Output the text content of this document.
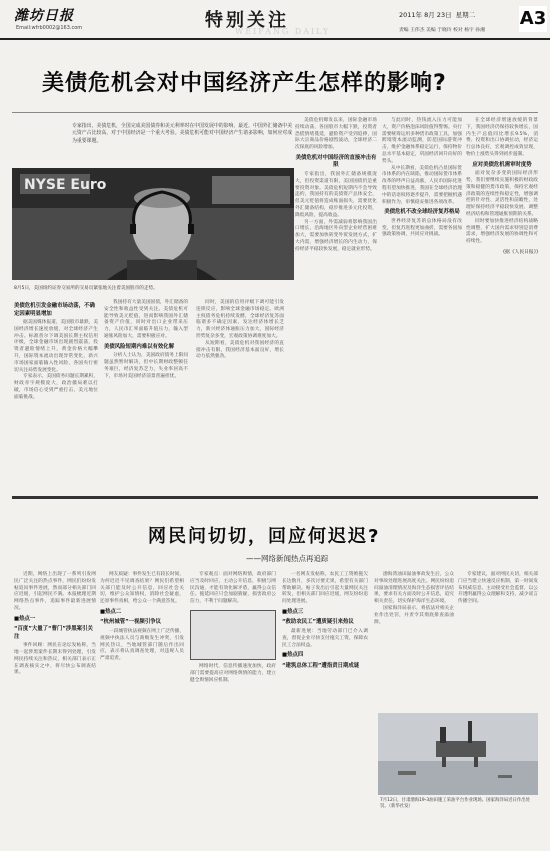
潍坊日报
Email:wfrb0002@163.com	特别关注
WEIFANG DAILY
2011年 8月 23日 星期二
责编 王伟杰 美编 于晓玲 校对 杨宇 孙湘
A3
美债危机会对中国经济产生怎样的影响?
专家指出，美债危机，全国完成美国债券和美元利率时在中国发展中的影响，最近，中国外汇储备中美元资产占比较高，对于中国经济是一个重大考验。美债危机可能对中国经济产生诸多影响，如何应对成为重要课题。
NYSE Euro
8月5日，美国纽约证券交易所的交易员紧张地关注着美国股市的走势。
美债危机引发金融市场动荡，不确定因素明显增加

据美国媒体报道，美国股市暴跌，美国经济增长速度放缓，对全球经济产生冲击。标准普尔下调美国长期主权信用评级，全球金融市场出现剧烈震荡，投资者避险情绪上升，黄金价格大幅攀升，国际资本流动出现异常变化，新兴市场国家面临输入性风险，各国央行密切关注局势发展变化。

专家表示，美国债务问题长期累积，财政赤字规模庞大，政治僵局难以打破，市场信心受到严重打击，美元地位面临挑战。

我国持有大量美国国债，外汇储备的安全性和收益性受到关注。美债危机可能导致美元贬值，进而影响我国外汇储备资产价值，同时对出口企业带来压力，人民币汇率面临升值压力，输入型通胀风险加大，需要积极应对。

美债风险短期内难以有效化解

分析人士认为，美国政府债务上限问题虽然暂时解决，但中长期财政整顿任务艰巨，经济复苏乏力，失业率居高不下，市场对美国经济前景普遍担忧。

同时，美国的信用评级下调可能引发连锁反应，影响全球金融市场稳定。欧洲主权债务危机持续发酵，全球经济复苏面临诸多不确定因素，发达经济体增长乏力，新兴经济体通胀压力加大，国际经济形势复杂多变，宏观政策协调难度加大。

从短期看，美债危机对我国经济的直接冲击有限，我国经济基本面良好，增长动力依然强劲。

美债危机爆发以来，国际金融市场持续动荡，各国股市大幅下跌，投资者恐慌情绪蔓延，避险资产受到追捧，国际大宗商品价格剧烈波动，全球经济二次探底的风险增加。

美债危机对中国经济的直接冲击有限

专家指出，我国外汇储备规模庞大，但投资渠道有限，美国国债仍是重要投资对象。美债危机短期内不会导致违约，我国持有的美债资产总体安全，但美元贬值将造成账面损失，需要优化外汇储备结构，稳步推进多元化投资，降低风险，提高收益。

另一方面，外需减弱将影响我国出口增长，沿海地区外向型企业经营困难加大，需要加快转变外贸发展方式，扩大内需，增强经济增长的内生动力，保持经济平稳较快发展，稳定就业形势。

与此同时，热钱流入压力可能加大，资产价格泡沫风险值得警惕。央行需要统筹运用多种货币政策工具，加强跨境资本流动监测，防范国际游资冲击，维护金融体系稳定运行，保持物价总水平基本稳定，巩固经济回升向好的势头。

从中长期看，美债危机凸显国际货币体系的内在缺陷，推动国际货币体系改革的呼声日益高涨，人民币国际化进程有望加快推进，我国在全球经济治理中的话语权将逐步提升，需要把握机遇积极作为，审慎稳妥推进各项改革。

美债危机不改全球经济复苏格局

世界经济复苏的总体格局没有改变，但复苏进程更加曲折，需要各国加强政策协调，共同应对挑战。

在全球经济增速放缓的背景下，我国经济仍保持较快增长，国内生产总值同比增长9.5%，消费、投资和出口协调拉动，经济运行总体良好，宏观调控成效显现，物价上涨势头得到初步遏制。

应对美债危机需审时度势

面对复杂多变的国际经济形势，我们要继续实施积极的财政政策和稳健的货币政策，保持宏观经济政策的连续性和稳定性，增强调控的针对性、灵活性和前瞻性，处理好保持经济平稳较快发展、调整经济结构和管理通胀预期的关系。

同时要加快推进经济结构战略性调整，扩大国内需求特别是消费需求，增强经济发展的协调性和可持续性。

(据《人民日报》)
网民问切切，回应何迟迟?
——网络新闻热点再追踪

近期，网络上出现了一系列引发网民广泛关注的热点事件，网民们纷纷发帖追问事件进展，然而部分相关部门回应迟缓，引起网民不满。本报梳理近期网络热点事件，追踪事件最新进展情况。

■热点一
“百度”大量了“曹门”涉黑案引关注

事件回顾：网民在论坛发帖称，当地一起涉黑案件长期未得到处理，引发网民持续关注和热议，相关部门表示正在调查核实之中，将尽快公布调查结果。

网友质疑：事件发生已有较长时间，为何迟迟不见调查结果？网民们希望相关部门能及时公开信息，回应社会关切，维护公众知情权，消除社会疑虑，还原事件真相，给公众一个满意答复。

■热点二
“杭州城管”一视频引争议

一段城管执法视频在网上广泛传播，视频中执法人员与商贩发生冲突，引发网民热议，当地城管部门随后作出回应，表示将认真调查处理，对违规人员严肃追责。

专家观点：面对网络舆情，政府部门应当及时回应，主动公开信息，积极与网民沟通，才能有效化解矛盾，赢得公众信任。拖延回应只会加剧猜疑，损害政府公信力，不利于问题解决。

网络时代，信息传播速度加快，政府部门需要提高应对网络舆情的能力，建立健全舆情回应机制。

一名网友发帖称，农民工工资被拖欠长达数月，多次讨要无果，希望有关部门帮助解决。帖子发出后引起大量网民关注转发，但相关部门回应迟缓，网友纷纷追问处理进展。

■热点三
“救助农民工”遭质疑引来热议

最新进展：当地劳动部门已介入调查，督促企业尽快支付拖欠工资，保障农民工合法权益。

■热点四
“建筑总体工程”遭指责日期成谜

渤海湾油田溢油事故发生后，公众对事故处理进展高度关注。网民纷纷追问溢油清理情况及海洋生态损害评估结果，要求有关方面及时公开信息，追究相关责任，切实保护海洋生态环境。

国家海洋局表示，将依法对相关企业作出处罚，并责令其彻底排查溢油源。

专家建议，面对网民关切，相关部门应当建立快速反应机制，第一时间发布权威信息，主动接受社会监督，以公开透明赢得公众理解和支持，减少谣言传播空间。

7月12日，甘肃渤海19-3油田施工采油平台作业现场。国家海洋局近日作出处罚。（新华社发）
